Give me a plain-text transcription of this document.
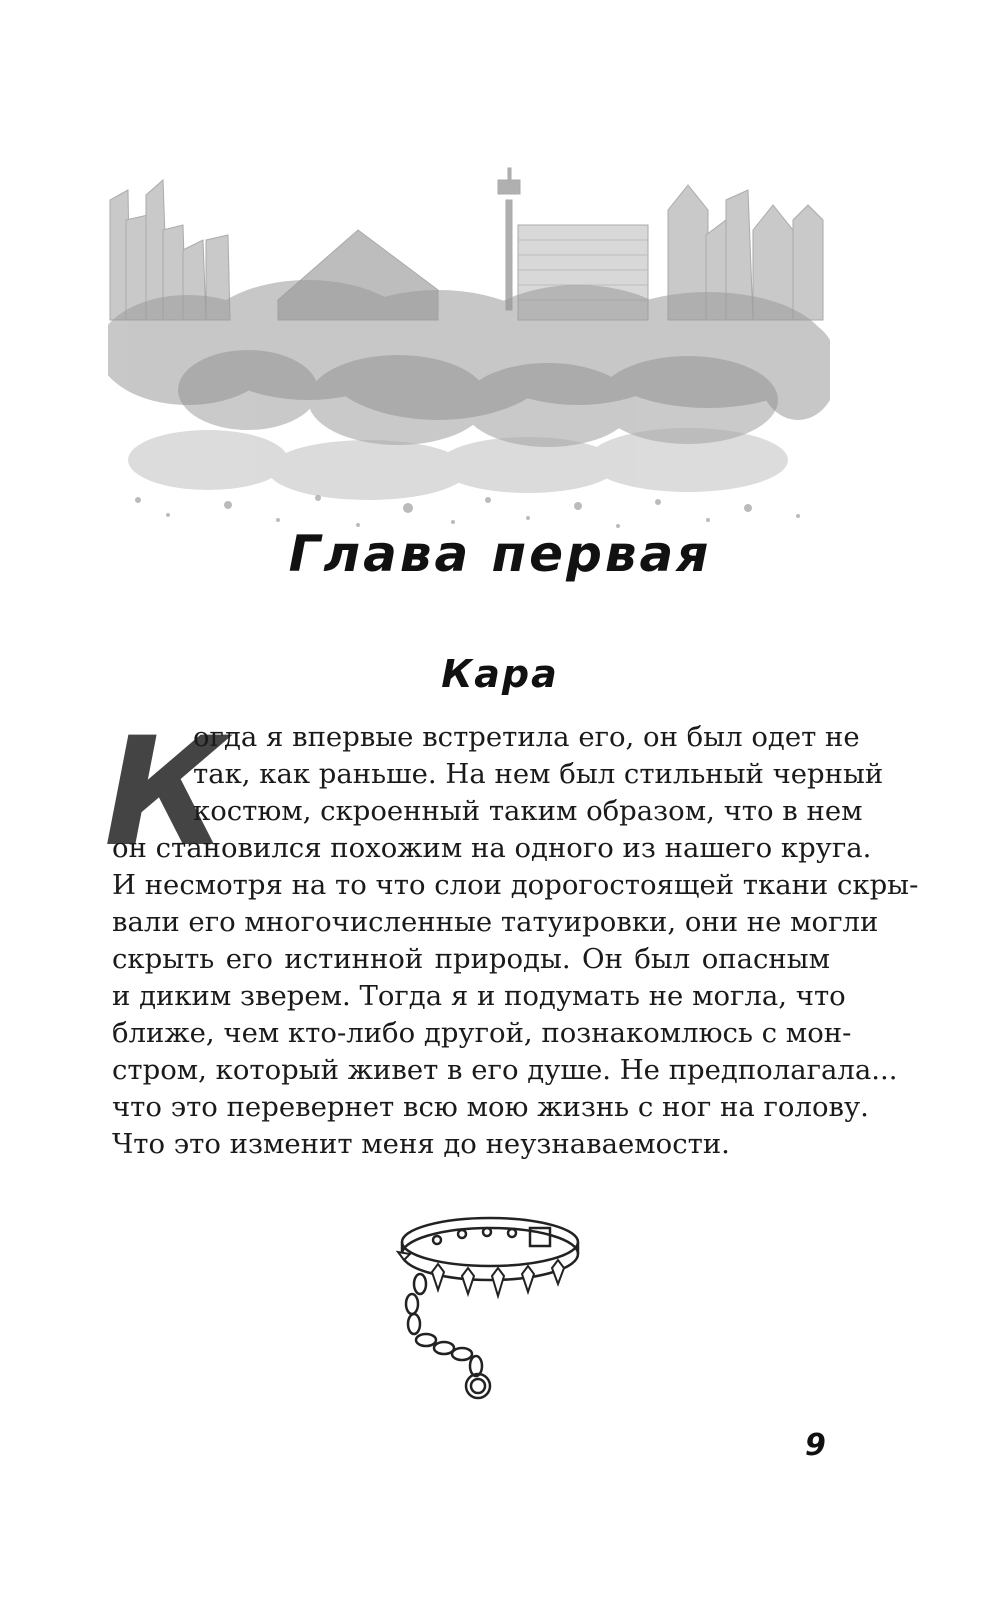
Глава первая
Кара
К
огда я впервые встретила его, он был одет не
так, как раньше. На нем был стильный черный
костюм, скроенный таким образом, что в нем
он становился похожим на одного из нашего круга.
И несмотря на то что слои дорогостоящей ткани скры-
вали его многочисленные татуировки, они не могли
скрыть его истинной природы. Он был опасным
и диким зверем. Тогда я и подумать не могла, что
ближе, чем кто-либо другой, познакомлюсь с мон-
стром, который живет в его душе. Не предполагала...
что это перевернет всю мою жизнь с ног на голову.
Что это изменит меня до неузнаваемости.
9
